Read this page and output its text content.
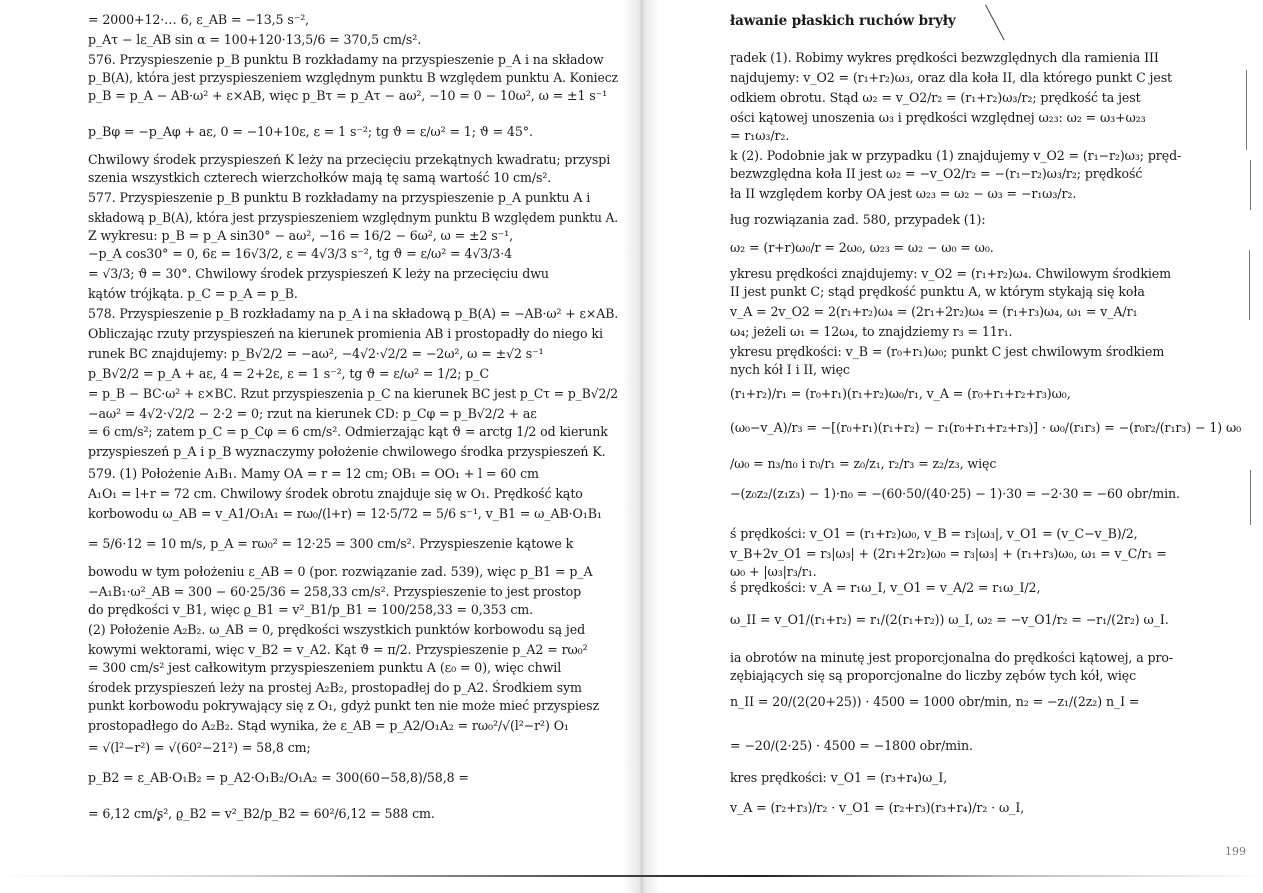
= 2000+12·… 6, ε_AB = −13,5 s⁻²,
p_Aτ − lε_AB sin α = 100+120·13,5/6 = 370,5 cm/s².
576. Przyspieszenie p_B punktu B rozkładamy na przyspieszenie p_A i na składow
p_B(A), która jest przyspieszeniem względnym punktu B względem punktu A. Koniecz
p_B = p_A − AB·ω² + ε×AB, więc p_Bτ = p_Aτ − aω², −10 = 0 − 10ω², ω = ±1 s⁻¹
p_Bφ = −p_Aφ + aε, 0 = −10+10ε, ε = 1 s⁻²; tg ϑ = ε/ω² = 1; ϑ = 45°.
Chwilowy środek przyspieszeń K leży na przecięciu przekątnych kwadratu; przyspi
szenia wszystkich czterech wierzchołków mają tę samą wartość 10 cm/s².
577. Przyspieszenie p_B punktu B rozkładamy na przyspieszenie p_A punktu A i
składową p_B(A), która jest przyspieszeniem względnym punktu B względem punktu A.
Z wykresu: p_B = p_A sin30° − aω², −16 = 16/2 − 6ω², ω = ±2 s⁻¹,
−p_A cos30° = 0, 6ε = 16√3/2, ε = 4√3/3 s⁻², tg ϑ = ε/ω² = 4√3/3·4
= √3/3; ϑ = 30°. Chwilowy środek przyspieszeń K leży na przecięciu dwu
kątów trójkąta. p_C = p_A = p_B.
578. Przyspieszenie p_B rozkładamy na p_A i na składową p_B(A) = −AB·ω² + ε×AB.
Obliczając rzuty przyspieszeń na kierunek promienia AB i prostopadły do niego ki
runek BC znajdujemy: p_B√2/2 = −aω², −4√2·√2/2 = −2ω², ω = ±√2 s⁻¹
p_B√2/2 = p_A + aε, 4 = 2+2ε, ε = 1 s⁻², tg ϑ = ε/ω² = 1/2; p_C
= p_B − BC·ω² + ε×BC. Rzut przyspieszenia p_C na kierunek BC jest p_Cτ = p_B√2/2
−aω² = 4√2·√2/2 − 2·2 = 0; rzut na kierunek CD: p_Cφ = p_B√2/2 + aε
= 6 cm/s²; zatem p_C = p_Cφ = 6 cm/s². Odmierzając kąt ϑ = arctg 1/2 od kierunk
przyspieszeń p_A i p_B wyznaczymy położenie chwilowego środka przyspieszeń K.
579. (1) Położenie A₁B₁. Mamy OA = r = 12 cm; OB₁ = OO₁ + l = 60 cm
A₁O₁ = l+r = 72 cm. Chwilowy środek obrotu znajduje się w O₁. Prędkość kąto
korbowodu ω_AB = v_A1/O₁A₁ = rω₀/(l+r) = 12·5/72 = 5/6 s⁻¹, v_B1 = ω_AB·O₁B₁
= 5/6·12 = 10 m/s, p_A = rω₀² = 12·25 = 300 cm/s². Przyspieszenie kątowe k
bowodu w tym położeniu ε_AB = 0 (por. rozwiązanie zad. 539), więc p_B1 = p_A
−A₁B₁·ω²_AB = 300 − 60·25/36 = 258,33 cm/s². Przyspieszenie to jest prostop
do prędkości v_B1, więc ϱ_B1 = v²_B1/p_B1 = 100/258,33 = 0,353 cm.
(2) Położenie A₂B₂. ω_AB = 0, prędkości wszystkich punktów korbowodu są jed
kowymi wektorami, więc v_B2 = v_A2. Kąt ϑ = π/2. Przyspieszenie p_A2 = rω₀²
= 300 cm/s² jest całkowitym przyspieszeniem punktu A (ε₀ = 0), więc chwil
środek przyspieszeń leży na prostej A₂B₂, prostopadłej do p_A2. Środkiem sym
punkt korbowodu pokrywający się z O₁, gdyż punkt ten nie może mieć przyspiesz
prostopadłego do A₂B₂. Stąd wynika, że ε_AB = p_A2/O₁A₂ = rω₀²/√(l²−r²) O₁
= √(l²−r²) = √(60²−21²) = 58,8 cm;
p_B2 = ε_AB·O₁B₂ = p_A2·O₁B₂/O₁A₂ = 300(60−58,8)/58,8 =
= 6,12 cm/s², ϱ_B2 = v²_B2/p_B2 = 60²/6,12 = 588 cm.
ławanie płaskich ruchów bryły
ɼadek (1). Robimy wykres prędkości bezwzględnych dla ramienia III
najdujemy: v_O2 = (r₁+r₂)ω₃, oraz dla koła II, dla którego punkt C jest
odkiem obrotu. Stąd ω₂ = v_O2/r₂ = (r₁+r₂)ω₃/r₂; prędkość ta jest
ości kątowej unoszenia ω₃ i prędkości względnej ω₂₃: ω₂ = ω₃+ω₂₃
= r₁ω₃/r₂.
k (2). Podobnie jak w przypadku (1) znajdujemy v_O2 = (r₁−r₂)ω₃; pręd-
bezwzględna koła II jest ω₂ = −v_O2/r₂ = −(r₁−r₂)ω₃/r₂; prędkość
ła II względem korby OA jest ω₂₃ = ω₂ − ω₃ = −r₁ω₃/r₂.
ług rozwiązania zad. 580, przypadek (1):
ω₂ = (r+r)ω₀/r = 2ω₀, ω₂₃ = ω₂ − ω₀ = ω₀.
ykresu prędkości znajdujemy: v_O2 = (r₁+r₂)ω₄. Chwilowym środkiem
II jest punkt C; stąd prędkość punktu A, w którym stykają się koła
v_A = 2v_O2 = 2(r₁+r₂)ω₄ = (2r₁+2r₂)ω₄ = (r₁+r₃)ω₄, ω₁ = v_A/r₁
ω₄; jeżeli ω₁ = 12ω₄, to znajdziemy r₃ = 11r₁.
ykresu prędkości: v_B = (r₀+r₁)ω₀; punkt C jest chwilowym środkiem
nych kół I i II, więc
(r₁+r₂)/r₁ = (r₀+r₁)(r₁+r₂)ω₀/r₁, v_A = (r₀+r₁+r₂+r₃)ω₀,
(ω₀−v_A)/r₃ = −[(r₀+r₁)(r₁+r₂) − r₁(r₀+r₁+r₂+r₃)] · ω₀/(r₁r₃) = −(r₀r₂/(r₁r₃) − 1) ω₀
/ω₀ = n₃/n₀ i r₀/r₁ = z₀/z₁, r₂/r₃ = z₂/z₃, więc
−(z₀z₂/(z₁z₃) − 1)·n₀ = −(60·50/(40·25) − 1)·30 = −2·30 = −60 obr/min.
ś prędkości: v_O1 = (r₁+r₂)ω₀, v_B = r₃|ω₃|, v_O1 = (v_C−v_B)/2,
v_B+2v_O1 = r₃|ω₃| + (2r₁+2r₂)ω₀ = r₃|ω₃| + (r₁+r₃)ω₀, ω₁ = v_C/r₁ =
ω₀ + |ω₃|r₃/r₁.
ś prędkości: v_A = r₁ω_I, v_O1 = v_A/2 = r₁ω_I/2,
ω_II = v_O1/(r₁+r₂) = r₁/(2(r₁+r₂)) ω_I, ω₂ = −v_O1/r₂ = −r₁/(2r₂) ω_I.
ia obrotów na minutę jest proporcjonalna do prędkości kątowej, a pro-
zębiających się są proporcjonalne do liczby zębów tych kół, więc
n_II = 20/(2(20+25)) · 4500 = 1000 obr/min, n₂ = −z₁/(2z₂) n_I =
= −20/(2·25) · 4500 = −1800 obr/min.
kres prędkości: v_O1 = (r₃+r₄)ω_I,
v_A = (r₂+r₃)/r₂ · v_O1 = (r₂+r₃)(r₃+r₄)/r₂ · ω_I,
199
